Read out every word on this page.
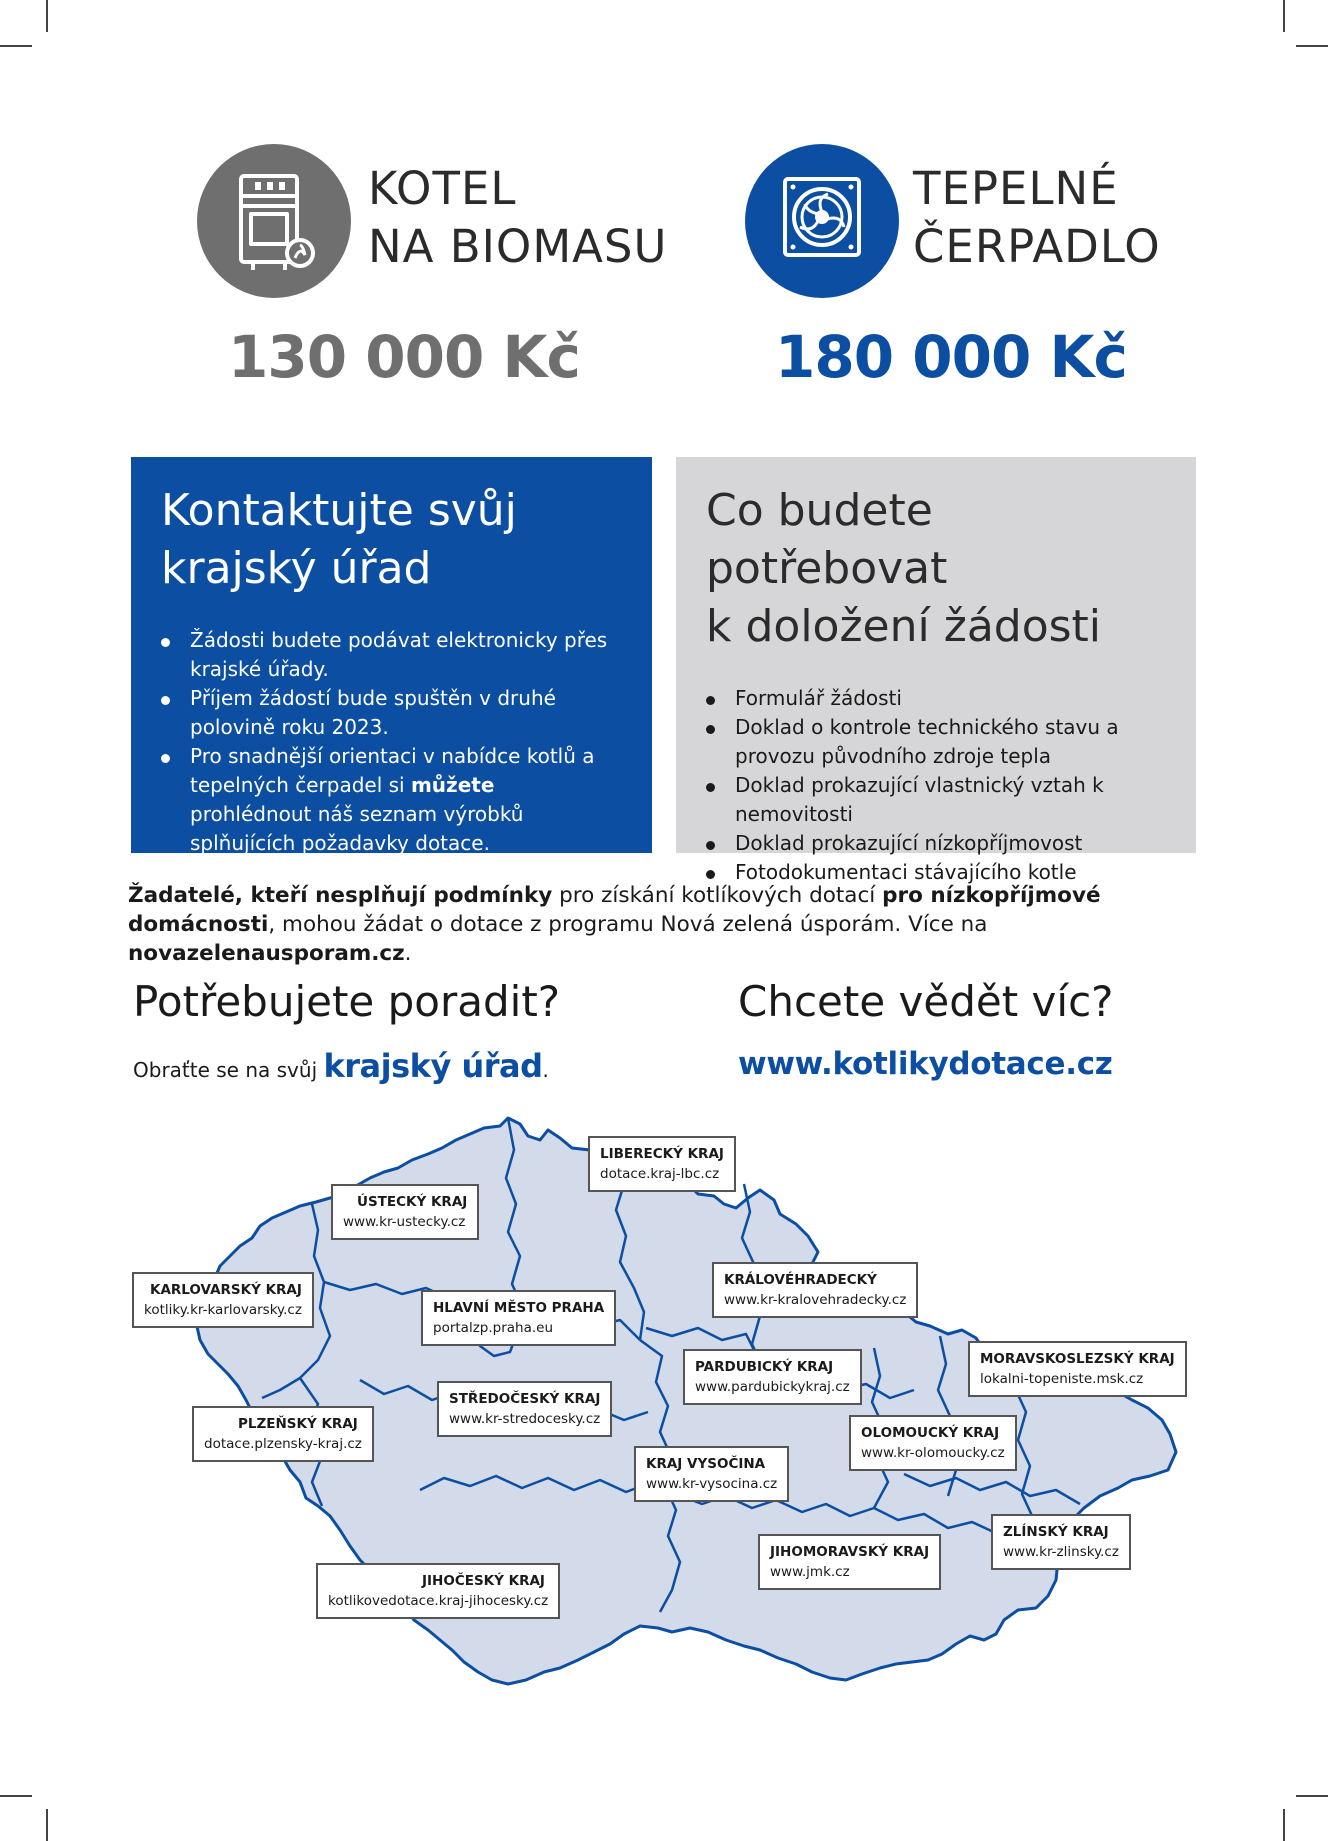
KOTEL
NA BIOMASU
130 000 Kč
TEPELNÉ
ČERPADLO
180 000 Kč
Kontaktujte svůj
krajský úřad
Žádosti budete podávat elektronicky přes krajské úřady.
Příjem žádostí bude spuštěn v druhé polovině roku 2023.
Pro snadnější orientaci v nabídce kotlů a tepelných čerpadel si můžete prohlédnout náš seznam výrobků splňujících požadavky dotace.
Co budete potřebovat
k doložení žádosti
Formulář žádosti
Doklad o kontrole technického stavu a provozu původního zdroje tepla
Doklad prokazující vlastnický vztah k nemovitosti
Doklad prokazující nízkopříjmovost
Fotodokumentaci stávajícího kotle
Žadatelé, kteří nesplňují podmínky pro získání kotlíkových dotací pro nízkopříjmové domácnosti, mohou žádat o dotace z programu Nová zelená úsporám. Více na novazelenausporam.cz.
Potřebujete poradit?
Obraťte se na svůj krajský úřad.
Chcete vědět víc?
www.kotlikydotace.cz
LIBERECKÝ KRAJ
dotace.kraj-lbc.cz
ÚSTECKÝ KRAJ
www.kr-ustecky.cz
KARLOVARSKÝ KRAJ
kotliky.kr-karlovarsky.cz	HLAVNÍ MĚSTO PRAHA
portalzp.praha.eu
KRÁLOVÉHRADECKÝ
www.kr-kralovehradecky.cz
MORAVSKOSLEZSKÝ KRAJ
lokalni-topeniste.msk.cz
PARDUBICKÝ KRAJ
www.pardubickykraj.cz
STŘEDOČESKÝ KRAJ
www.kr-stredocesky.cz
PLZEŇSKÝ KRAJ
dotace.plzensky-kraj.cz
OLOMOUCKÝ KRAJ
www.kr-olomoucky.cz
KRAJ VYSOČINA
www.kr-vysocina.cz
ZLÍNSKÝ KRAJ
www.kr-zlinsky.cz
JIHOMORAVSKÝ KRAJ
www.jmk.cz
JIHOČESKÝ KRAJ
kotlikovedotace.kraj-jihocesky.cz
